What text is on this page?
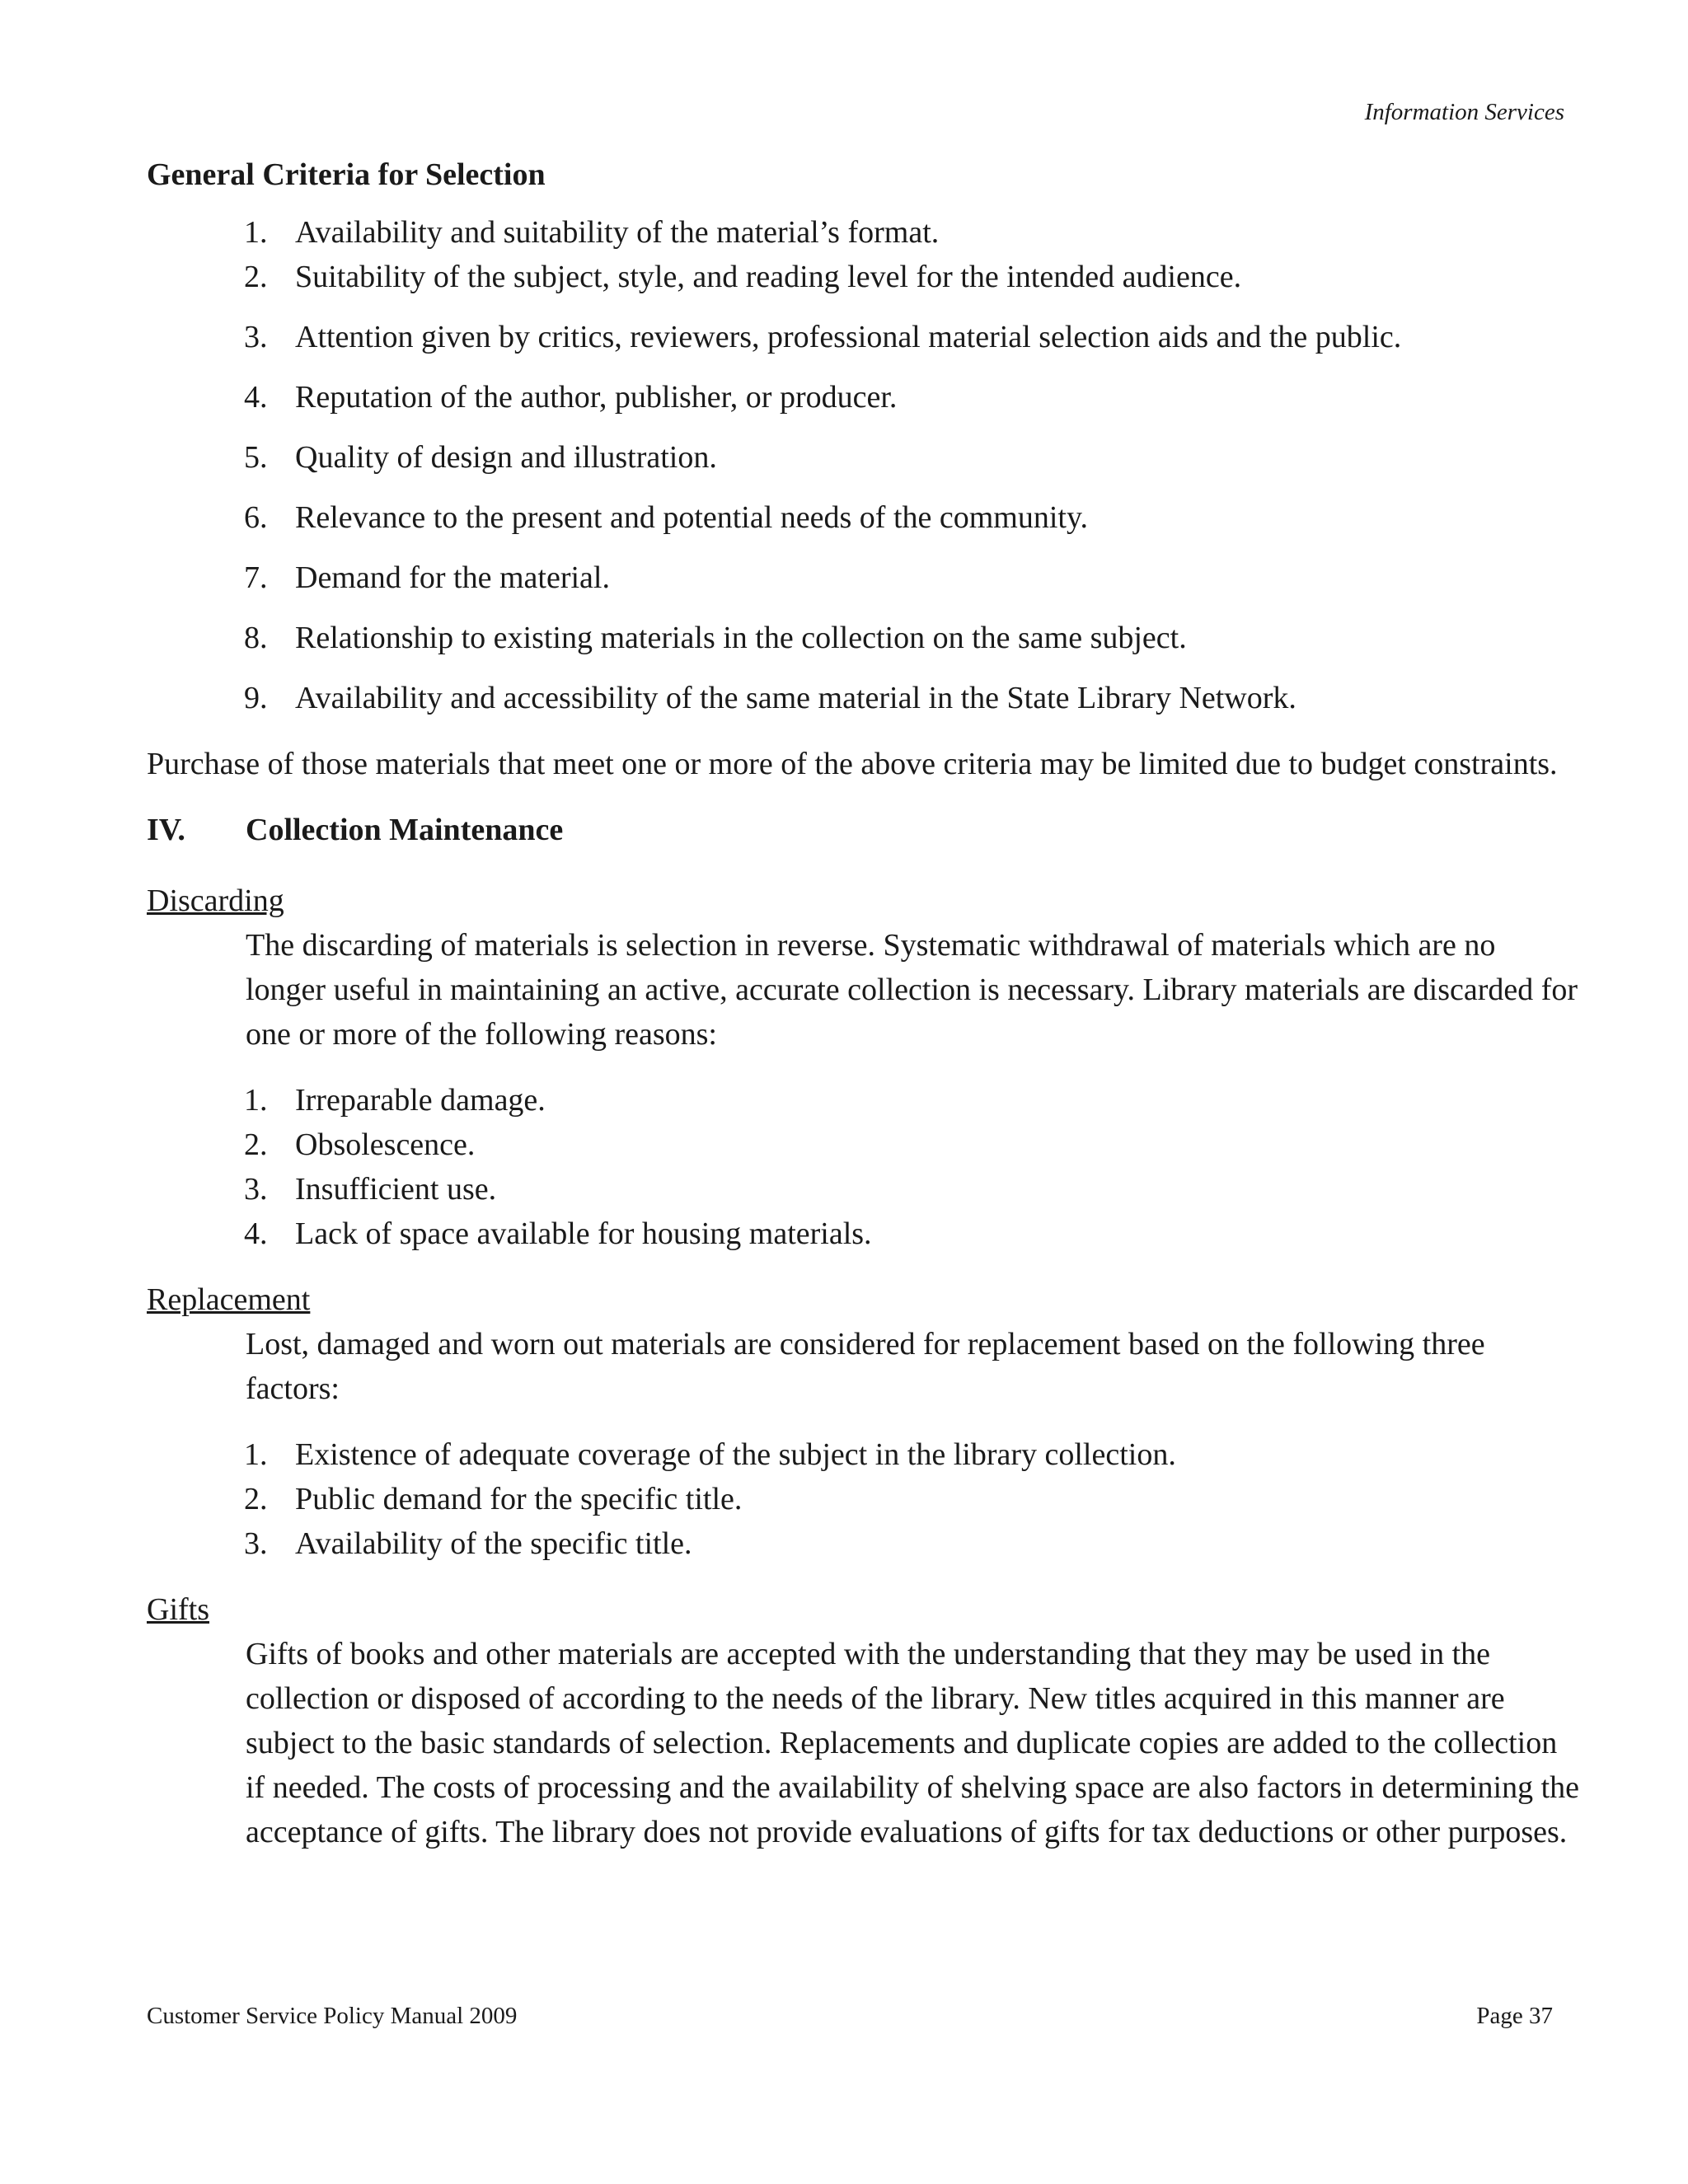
Information Services
General Criteria for Selection
1. Availability and suitability of the material’s format.
2. Suitability of the subject, style, and reading level for the intended audience.
3. Attention given by critics, reviewers, professional material selection aids and the public.
4. Reputation of the author, publisher, or producer.
5. Quality of design and illustration.
6. Relevance to the present and potential needs of the community.
7. Demand for the material.
8. Relationship to existing materials in the collection on the same subject.
9. Availability and accessibility of the same material in the State Library Network.

Purchase of those materials that meet one or more of the above criteria may be limited due to budget constraints.

IV.	Collection Maintenance

Discarding

The discarding of materials is selection in reverse. Systematic withdrawal of materials which are no longer useful in maintaining an active, accurate collection is necessary. Library materials are discarded for one or more of the following reasons:

1. Irreparable damage.
2. Obsolescence.
3. Insufficient use.
4. Lack of space available for housing materials.

Replacement

Lost, damaged and worn out materials are considered for replacement based on the following three factors:

1. Existence of adequate coverage of the subject in the library collection.
2. Public demand for the specific title.
3. Availability of the specific title.

Gifts

Gifts of books and other materials are accepted with the understanding that they may be used in the collection or disposed of according to the needs of the library. New titles acquired in this manner are subject to the basic standards of selection. Replacements and duplicate copies are added to the collection if needed. The costs of processing and the availability of shelving space are also factors in determining the acceptance of gifts. The library does not provide evaluations of gifts for tax deductions or other purposes.

Customer Service Policy Manual 2009	Page 37
